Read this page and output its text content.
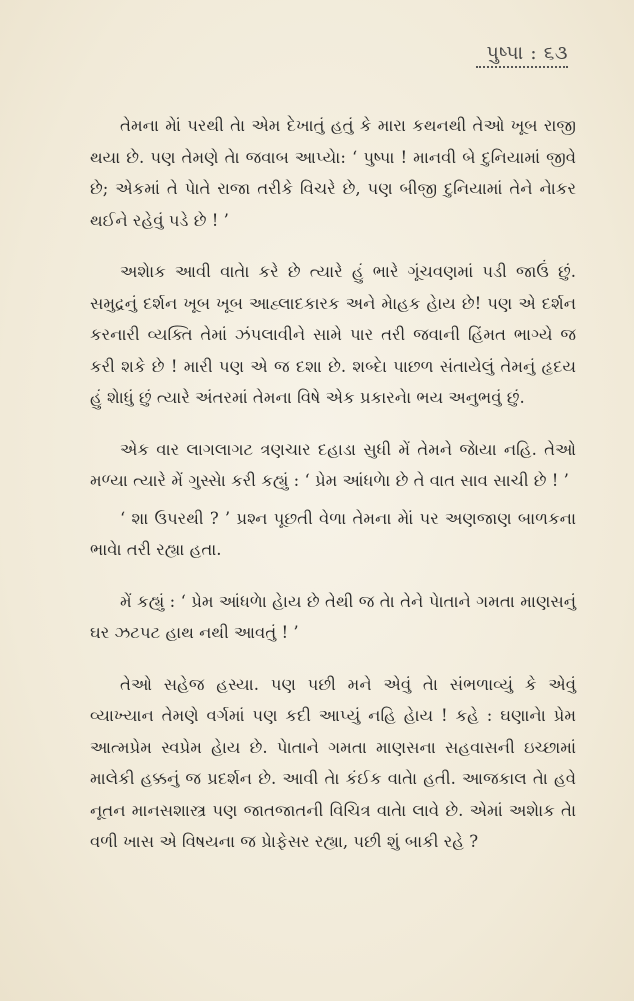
પુષ્પા : ૬૩

તેમના મેાં પરથી તેા એમ દેખાતું હતું કે મારા કથનથી તેઓ ખૂબ રાજી થયા છે. પણ તેમણે તેા જવાબ આપ્યેા: ‘ પુષ્પા ! માનવી બે દુનિયામાં જીવે છે; એકમાં તે પેાતે રાજા તરીકે વિચરે છે, પણ બીજી દુનિયામાં તેને નેાકર થઈને રહેવું પડે છે ! ’

અશેાક આવી વાતેા કરે છે ત્યારે હું ભારે ગૂંચવણમાં પડી જાઉં છું. સમુદ્રનું દર્શન ખૂબ ખૂબ આહ્લાદકારક અને મેાહક હેાય છે! પણ એ દર્શન કરનારી વ્યક્તિ તેમાં ઝંપલાવીને સામે પાર તરી જવાની હિંમત ભાગ્યે જ કરી શકે છે ! મારી પણ એ જ દશા છે. શબ્દેા પાછળ સંતાયેલું તેમનું હૃદય હું શેાધું છું ત્યારે અંતરમાં તેમના વિષે એક પ્રકારનેા ભય અનુભવું છું.

એક વાર લાગલાગટ ત્રણચાર દહાડા સુધી મેં તેમને જેાયા નહિ. તેઓ મળ્યા ત્યારે મેં ગુસ્સેા કરી કહ્યું : ‘ પ્રેમ આંધળેા છે તે વાત સાવ સાચી છે ! ’

‘ શા ઉપરથી ? ’ પ્રશ્ન પૂછતી વેળા તેમના મેાં પર અણજાણ બાળકના ભાવેા તરી રહ્યા હતા.

મેં કહ્યું : ‘ પ્રેમ આંધળેા હેાય છે તેથી જ તેા તેને પેાતાને ગમતા માણસનું ઘર ઝટપટ હાથ નથી આવતું ! ’

તેઓ સહેજ હસ્યા. પણ પછી મને એવું તેા સંભળાવ્યું કે એવું વ્યાખ્યાન તેમણે વર્ગમાં પણ કદી આપ્યું નહિ હેાય ! કહે : ઘણાનેા પ્રેમ આત્મપ્રેમ સ્વપ્રેમ હેાય છે. પેાતાને ગમતા માણસના સહવાસની ઇચ્છામાં માલેકી હક્કનું જ પ્રદર્શન છે. આવી તેા કંઈક વાતેા હતી. આજકાલ તેા હવે નૂતન માનસશાસ્ત્ર પણ જાતજાતની વિચિત્ર વાતેા લાવે છે. એમાં અશેાક તેા વળી ખાસ એ વિષયના જ પ્રેાફેસર રહ્યા, પછી શું બાકી રહે ?
